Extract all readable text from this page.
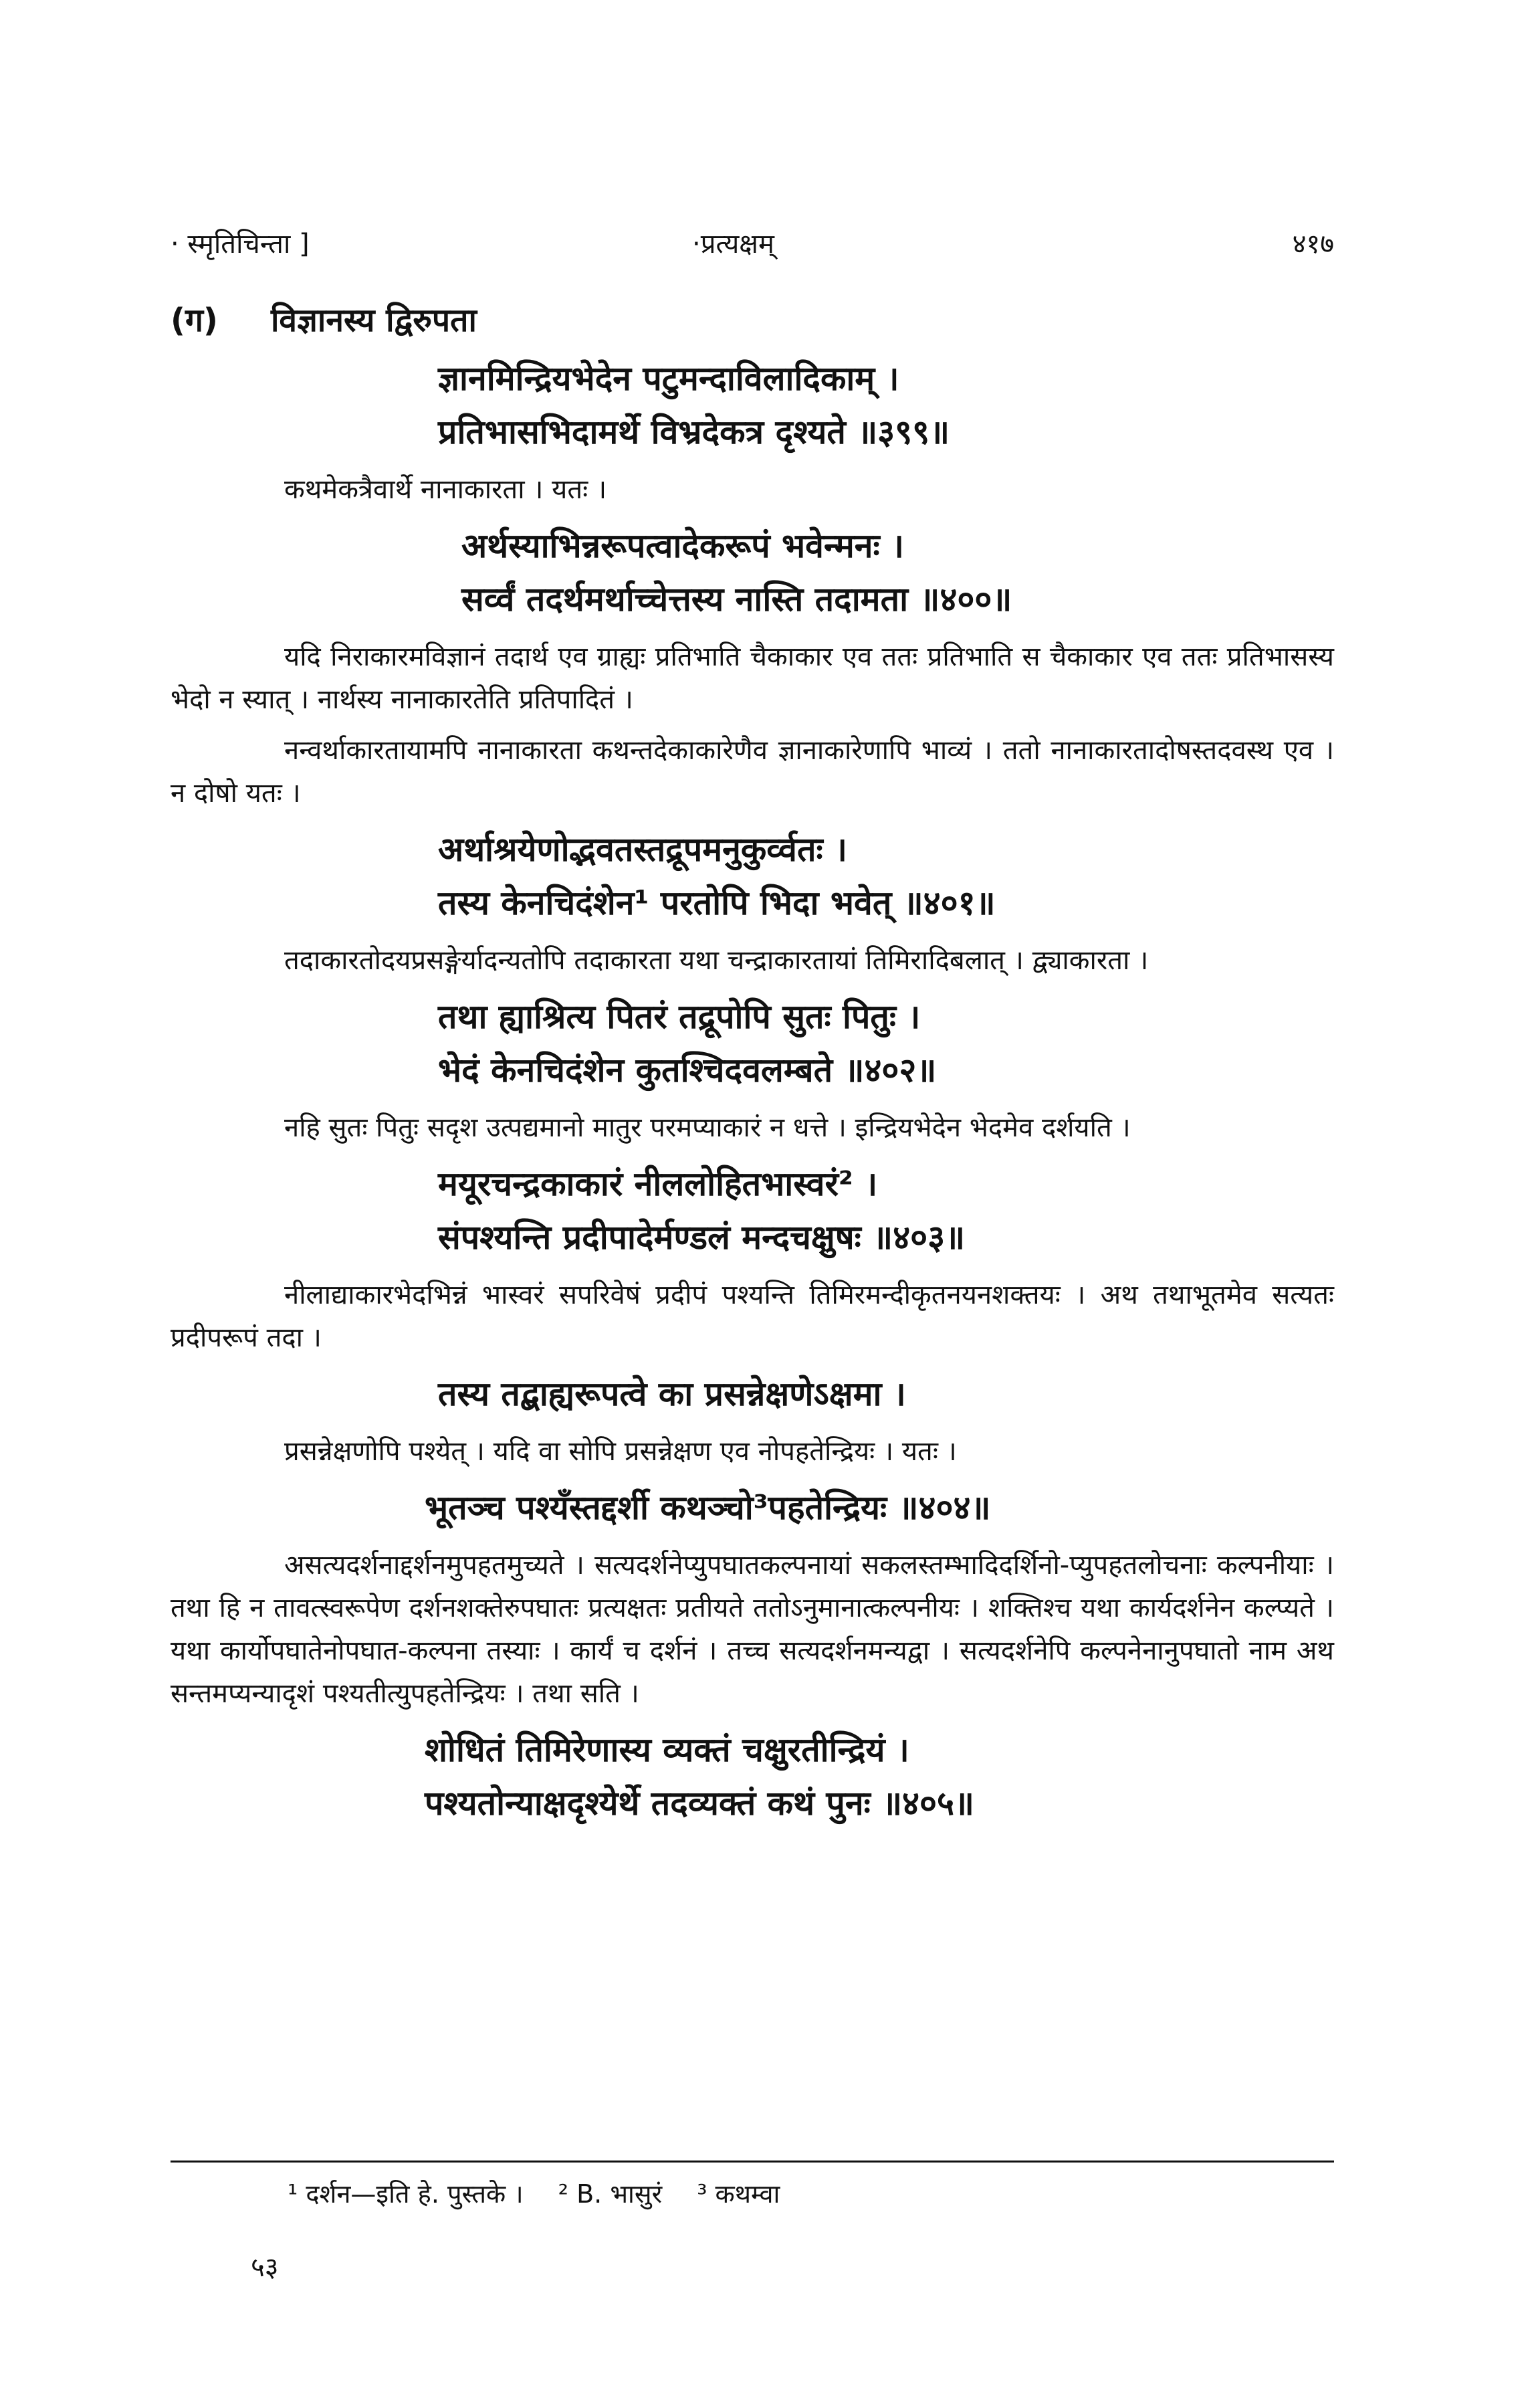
· स्मृतिचिन्ता ]	·प्रत्यक्षम्	४१७
(ग) विज्ञानस्य द्विरुपता
ज्ञानमिन्द्रियभेदेन पटुमन्दाविलादिकाम् ।
प्रतिभासभिदामर्थे विभ्रदेकत्र दृश्यते ॥३९९॥

कथमेकत्रैवार्थे नानाकारता । यतः ।

अर्थस्याभिन्नरूपत्वादेकरूपं भवेन्मनः ।
सर्व्वं तदर्थमर्थाच्चेत्तस्य नास्ति तदामता ॥४००॥

यदि निराकारमविज्ञानं तदार्थ एव ग्राह्यः प्रतिभाति चैकाकार एव ततः प्रतिभाति स चैकाकार एव ततः प्रतिभासस्य भेदो न स्यात् । नार्थस्य नानाकारतेति प्रतिपादितं ।

नन्वर्थाकारतायामपि नानाकारता कथन्तदेकाकारेणैव ज्ञानाकारेणापि भाव्यं । ततो नानाकारतादोषस्तदवस्थ एव । न दोषो यतः ।

अर्थाश्रयेणोद्भवतस्तद्रूपमनुकुर्व्वतः ।
तस्य केनचिदंशेन¹ परतोपि भिदा भवेत् ॥४०१॥

तदाकारतोदयप्रसङ्गेर्यादन्यतोपि तदाकारता यथा चन्द्राकारतायां तिमिरादिबलात् । द्व्याकारता ।

तथा ह्याश्रित्य पितरं तद्रूपोपि सुतः पितुः ।
भेदं केनचिदंशेन कुतश्चिदवलम्बते ॥४०२॥

नहि सुतः पितुः सदृश उत्पद्यमानो मातुर परमप्याकारं न धत्ते । इन्द्रियभेदेन भेदमेव दर्शयति ।

मयूरचन्द्रकाकारं नीललोहितभास्वरं² ।
संपश्यन्ति प्रदीपादेर्मण्डलं मन्दचक्षुषः ॥४०३॥

नीलाद्याकारभेदभिन्नं भास्वरं सपरिवेषं प्रदीपं पश्यन्ति तिमिरमन्दीकृतनयनशक्तयः । अथ तथाभूतमेव सत्यतः प्रदीपरूपं तदा ।

तस्य तद्बाह्यरूपत्वे का प्रसन्नेक्षणेऽक्षमा ।

प्रसन्नेक्षणोपि पश्येत् । यदि वा सोपि प्रसन्नेक्षण एव नोपहतेन्द्रियः । यतः ।

भूतञ्च पश्यँस्तद्दर्शी कथञ्चो³पहतेन्द्रियः ॥४०४॥

असत्यदर्शनाद्दर्शनमुपहतमुच्यते । सत्यदर्शनेप्युपघातकल्पनायां सकलस्तम्भादिदर्शिनो-प्युपहतलोचनाः कल्पनीयाः । तथा हि न तावत्स्वरूपेण दर्शनशक्तेरुपघातः प्रत्यक्षतः प्रतीयते ततोऽनुमानात्कल्पनीयः । शक्तिश्च यथा कार्यदर्शनेन कल्प्यते । यथा कार्योपघातेनोपघात-कल्पना तस्याः । कार्यं च दर्शनं । तच्च सत्यदर्शनमन्यद्वा । सत्यदर्शनेपि कल्पनेनानुपघातो नाम अथ सन्तमप्यन्यादृशं पश्यतीत्युपहतेन्द्रियः । तथा सति ।

शोधितं तिमिरेणास्य व्यक्तं चक्षुरतीन्द्रियं ।
पश्यतोन्याक्षदृश्येर्थे तदव्यक्तं कथं पुनः ॥४०५॥
¹ दर्शन—इति हे. पुस्तके । ² B. भासुरं ³ कथम्वा
५३
